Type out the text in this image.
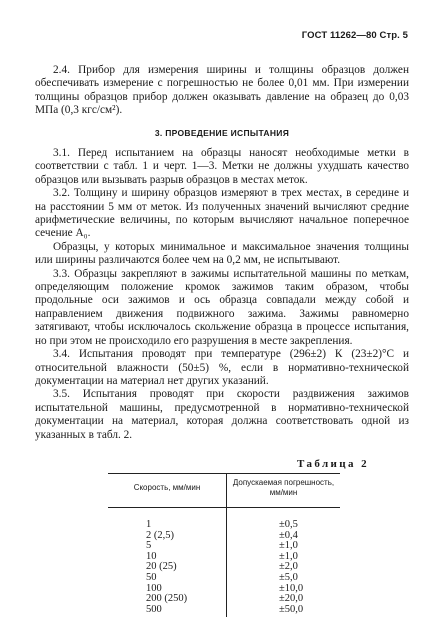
ГОСТ 11262—80 Стр. 5

2.4. Прибор для измерения ширины и толщины образцов должен обеспечивать измерение с погрешностью не более 0,01 мм. При измерении толщины образцов прибор должен оказывать давление на образец до 0,03 МПа (0,3 кгс/см²).

3. ПРОВЕДЕНИЕ ИСПЫТАНИЯ

3.1. Перед испытанием на образцы наносят необходимые метки в соответствии с табл. 1 и черт. 1—3. Метки не должны ухудшать качество образцов или вызывать разрыв образцов в местах меток.

3.2. Толщину и ширину образцов измеряют в трех местах, в середине и на расстоянии 5 мм от меток. Из полученных значений вычисляют средние арифметические величины, по которым вычисляют начальное поперечное сечение A₀.

Образцы, у которых минимальное и максимальное значения толщины или ширины различаются более чем на 0,2 мм, не испытывают.

3.3. Образцы закрепляют в зажимы испытательной машины по меткам, определяющим положение кромок зажимов таким образом, чтобы продольные оси зажимов и ось образца совпадали между собой и направлением движения подвижного зажима. Зажимы равномерно затягивают, чтобы исключалось скольжение образца в процессе испытания, но при этом не происходило его разрушения в месте закрепления.

3.4. Испытания проводят при температуре (296±2) К (23±2)°С и относительной влажности (50±5) %, если в нормативно-технической документации на материал нет других указаний.

3.5. Испытания проводят при скорости раздвижения зажимов испытательной машины, предусмотренной в нормативно-технической документации на материал, которая должна соответствовать одной из указанных в табл. 2.

Таблица 2
Скорость, мм/мин	Допускаемая погрешность, мм/мин
1	±0,5
2 (2,5)	±0,4
5	±1,0
10	±1,0
20 (25)	±2,0
50	±5,0
100	±10,0
200 (250)	±20,0
500	±50,0
